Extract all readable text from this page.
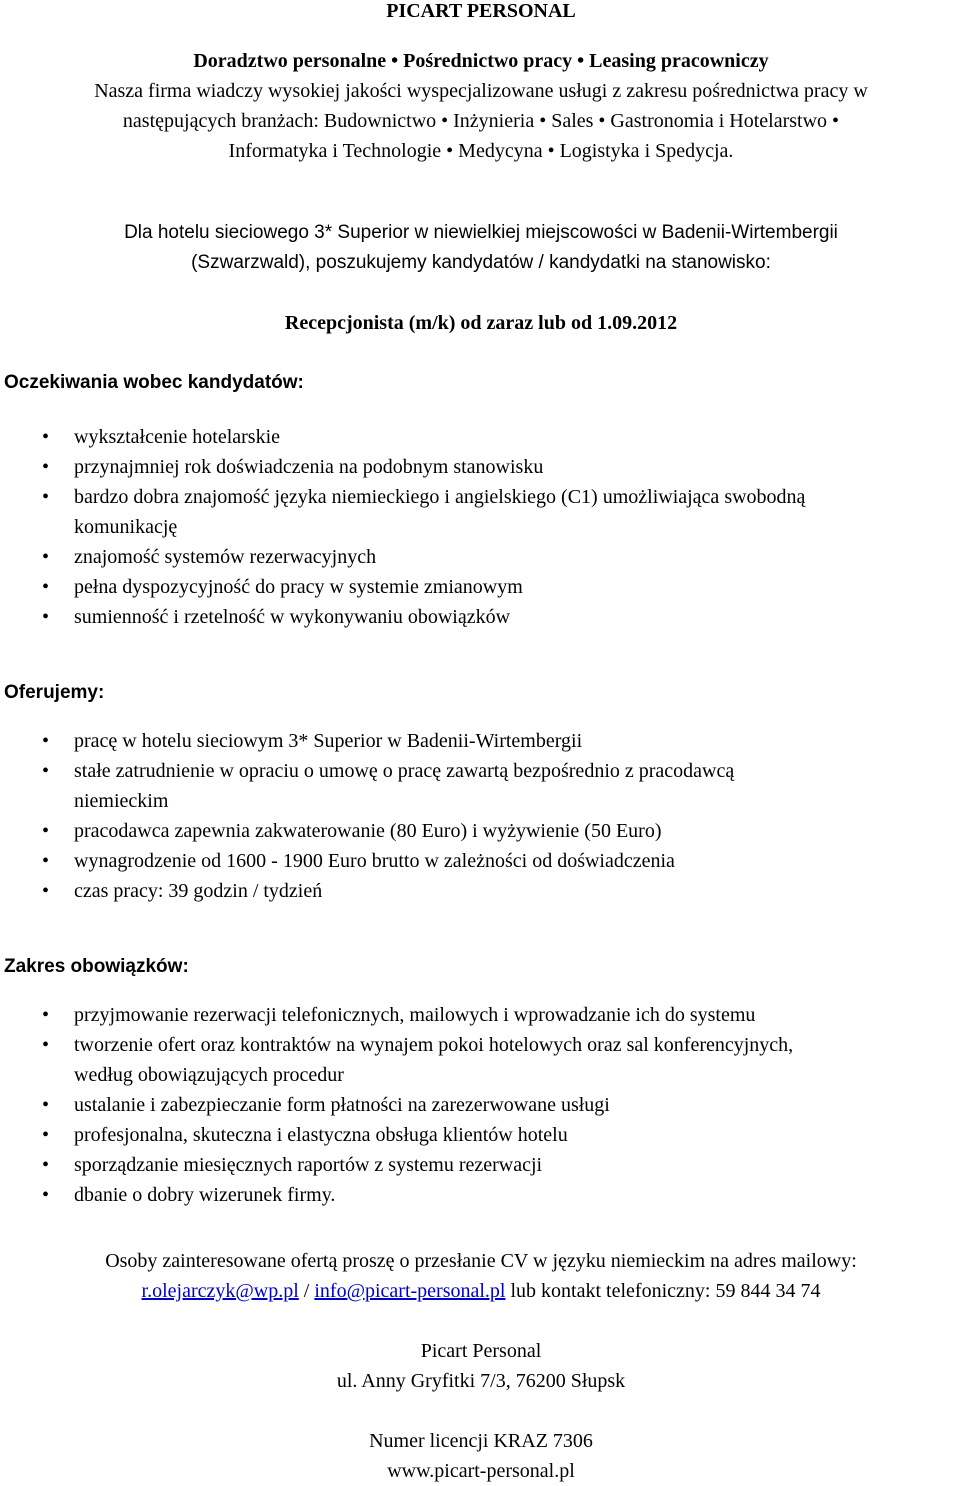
PICART PERSONAL
Doradztwo personalne • Pośrednictwo pracy • Leasing pracowniczy
Nasza firma wiadczy wysokiej jakości wyspecjalizowane usługi z zakresu pośrednictwa pracy w
następujących branżach: Budownictwo • Inżynieria • Sales • Gastronomia i Hotelarstwo •
Informatyka i Technologie • Medycyna • Logistyka i Spedycja.
Dla hotelu sieciowego 3* Superior w niewielkiej miejscowości w Badenii-Wirtembergii
(Szwarzwald), poszukujemy kandydatów / kandydatki na stanowisko:
Recepcjonista (m/k) od zaraz lub od 1.09.2012
Oczekiwania wobec kandydatów:
• wykształcenie hotelarskie
• przynajmniej rok doświadczenia na podobnym stanowisku
• bardzo dobra znajomość języka niemieckiego i angielskiego (C1) umożliwiająca swobodną
komunikację
• znajomość systemów rezerwacyjnych
• pełna dyspozycyjność do pracy w systemie zmianowym
• sumienność i rzetelność w wykonywaniu obowiązków
Oferujemy:
• pracę w hotelu sieciowym 3* Superior w Badenii-Wirtembergii
• stałe zatrudnienie w opraciu o umowę o pracę zawartą bezpośrednio z pracodawcą
niemieckim
• pracodawca zapewnia zakwaterowanie (80 Euro) i wyżywienie (50 Euro)
• wynagrodzenie od 1600 - 1900 Euro brutto w zależności od doświadczenia
• czas pracy: 39 godzin / tydzień
Zakres obowiązków:
• przyjmowanie rezerwacji telefonicznych, mailowych i wprowadzanie ich do systemu
• tworzenie ofert oraz kontraktów na wynajem pokoi hotelowych oraz sal konferencyjnych,
według obowiązujących procedur
• ustalanie i zabezpieczanie form płatności na zarezerwowane usługi
• profesjonalna, skuteczna i elastyczna obsługa klientów hotelu
• sporządzanie miesięcznych raportów z systemu rezerwacji
• dbanie o dobry wizerunek firmy.
Osoby zainteresowane ofertą proszę o przesłanie CV w języku niemieckim na adres mailowy:
r.olejarczyk@wp.pl / info@picart-personal.pl lub kontakt telefoniczny: 59 844 34 74
Picart Personal
ul. Anny Gryfitki 7/3, 76200 Słupsk
Numer licencji KRAZ 7306
www.picart-personal.pl
